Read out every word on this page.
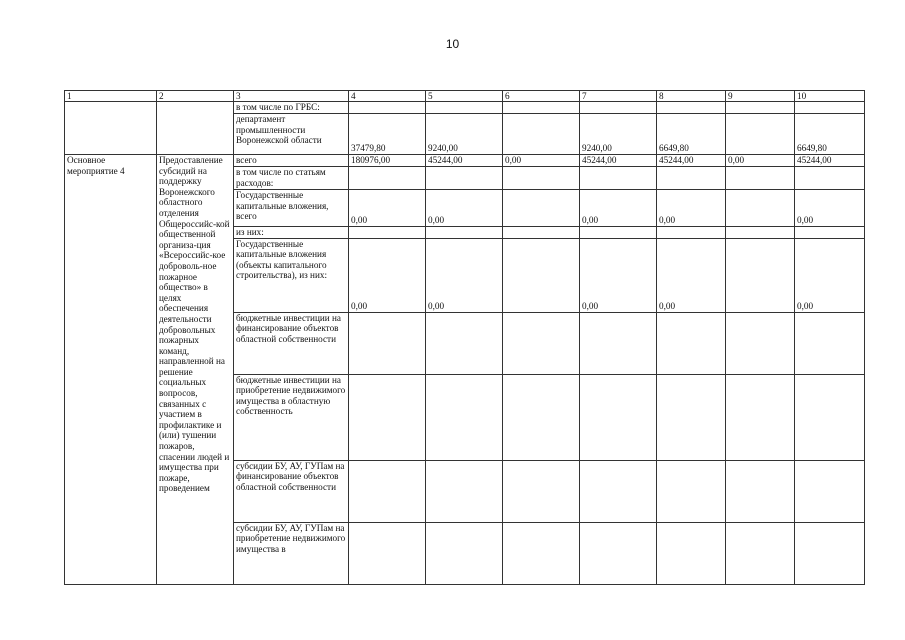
10
1	2	3	4	5	6	7	8	9	10
		в том числе по ГРБС:							
		департамент промышленности Воронежской области	37479,80	9240,00		9240,00	6649,80		6649,80
Основное мероприятие 4	Предоставление субсидий на поддержку Воронежского областного отделения Общероссийс-кой общественной организа-ция «Всероссийс-кое доброволь-ное пожарное общество» в целях обеспечения деятельности добровольных пожарных команд, направленной на решение социальных вопросов, связанных с участием в профилактике и (или) тушении пожаров, спасении людей и имущества при пожаре, проведением	всего	180976,00	45244,00	0,00	45244,00	45244,00	0,00	45244,00
		в том числе по статьям расходов:							
		Государственные капитальные вложения, всего	0,00	0,00		0,00	0,00		0,00
		из них:							
		Государственные капитальные вложения (объекты капитального строительства), из них:	0,00	0,00		0,00	0,00		0,00
		бюджетные инвестиции на финансирование объектов областной собственности							
		бюджетные инвестиции на приобретение недвижимого имущества в областную собственность							
		субсидии БУ, АУ, ГУПам на финансирование объектов областной собственности							
		субсидии БУ, АУ, ГУПам на приобретение недвижимого имущества в							
